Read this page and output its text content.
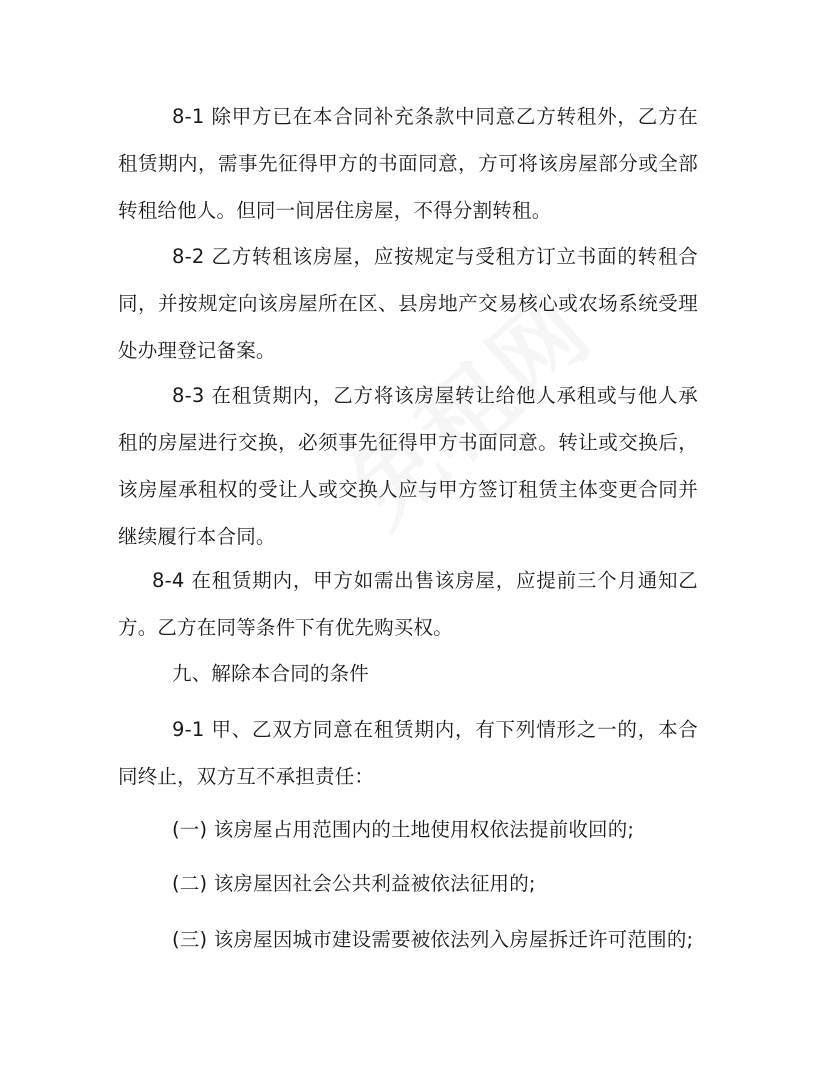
8-1 除甲方已在本合同补充条款中同意乙方转租外，乙方在租赁期内，需事先征得甲方的书面同意，方可将该房屋部分或全部转租给他人。但同一间居住房屋，不得分割转租。

8-2 乙方转租该房屋，应按规定与受租方订立书面的转租合同，并按规定向该房屋所在区、县房地产交易核心或农场系统受理处办理登记备案。

8-3 在租赁期内，乙方将该房屋转让给他人承租或与他人承租的房屋进行交换，必须事先征得甲方书面同意。转让或交换后，该房屋承租权的受让人或交换人应与甲方签订租赁主体变更合同并继续履行本合同。

8-4 在租赁期内，甲方如需出售该房屋，应提前三个月通知乙方。乙方在同等条件下有优先购买权。

九、解除本合同的条件

9-1 甲、乙双方同意在租赁期内，有下列情形之一的，本合同终止，双方互不承担责任：

(一) 该房屋占用范围内的土地使用权依法提前收回的;

(二) 该房屋因社会公共利益被依法征用的;

(三) 该房屋因城市建设需要被依法列入房屋拆迁许可范围的;
